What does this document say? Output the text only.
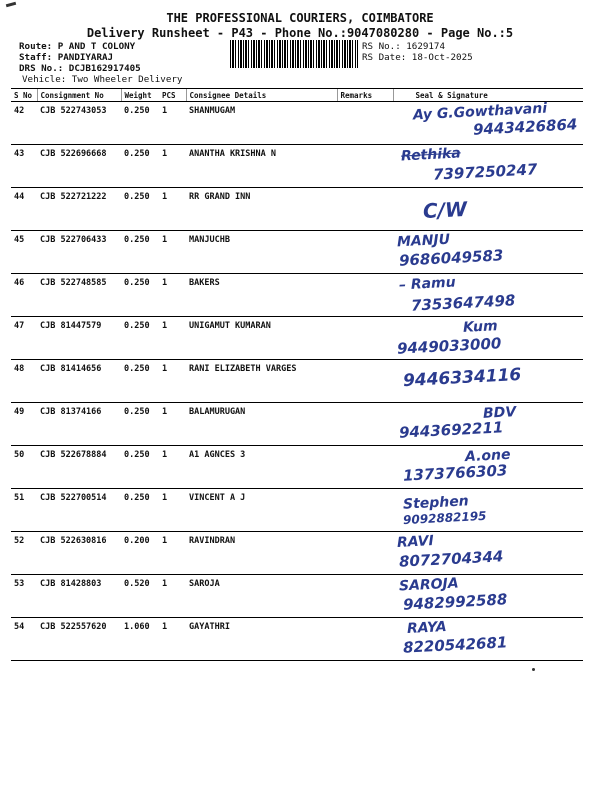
THE PROFESSIONAL COURIERS, COIMBATORE
Delivery Runsheet - P43 - Phone No.:9047080280 - Page No.:5
Route: P AND T COLONY
Staff: PANDIYARAJ
DRS No.: DCJB162917405
Vehicle: Two Wheeler Delivery
RS No.: 1629174
RS Date: 18-Oct-2025
S No	Consignment No	Weight	PCS	Consignee Details	Remarks	Seal & Signature
42	CJB 522743053	0.250	1	SHANMUGAM		Ay G.Gowthavani
9443426864

43	CJB 522696668	0.250	1	ANANTHA KRISHNA N		Rethika
7397250247

44	CJB 522721222	0.250	1	RR GRAND INN		C/W

45	CJB 522706433	0.250	1	MANJUCHB		MANJU
9686049583

46	CJB 522748585	0.250	1	BAKERS		– Ramu
7353647498

47	CJB 81447579	0.250	1	UNIGAMUT KUMARAN		Kum
9449033000

48	CJB 81414656	0.250	1	RANI ELIZABETH VARGES		9446334116

49	CJB 81374166	0.250	1	BALAMURUGAN		BDV
9443692211

50	CJB 522678884	0.250	1	A1 AGNCES 3		A.one
1373766303

51	CJB 522700514	0.250	1	VINCENT A J		Stephen
9092882195

52	CJB 522630816	0.200	1	RAVINDRAN		RAVI
8072704344

53	CJB 81428803	0.520	1	SAROJA		SAROJA
9482992588

54	CJB 522557620	1.060	1	GAYATHRI		RAYA
8220542681
